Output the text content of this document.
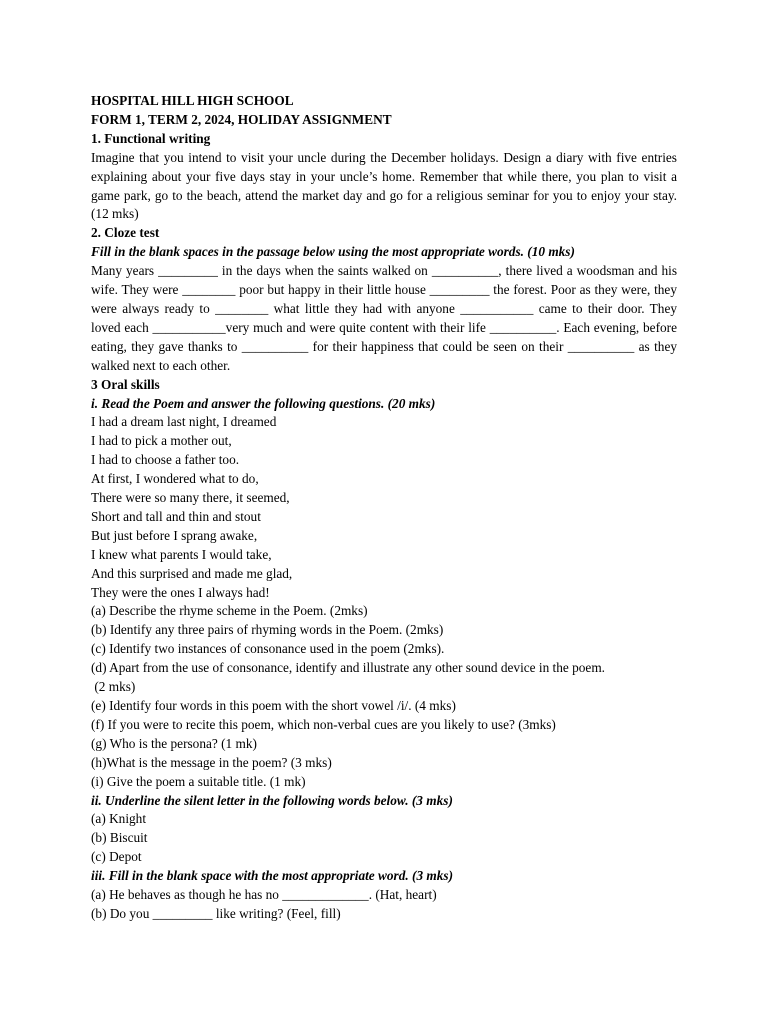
HOSPITAL HILL HIGH SCHOOL
FORM 1, TERM 2, 2024, HOLIDAY ASSIGNMENT
1. Functional writing

Imagine that you intend to visit your uncle during the December holidays. Design a diary with five entries explaining about your five days stay in your uncle’s home. Remember that while there, you plan to visit a game park, go to the beach, attend the market day and go for a religious seminar for you to enjoy your stay. (12 mks)

2. Cloze test
Fill in the blank spaces in the passage below using the most appropriate words. (10 mks)

Many years _________ in the days when the saints walked on __________, there lived a woodsman and his wife. They were ________ poor but happy in their little house _________ the forest. Poor as they were, they were always ready to ________ what little they had with anyone ___________ came to their door. They loved each ___________very much and were quite content with their life __________. Each evening, before eating, they gave thanks to __________ for their happiness that could be seen on their __________ as they walked next to each other.

3 Oral skills
i. Read the Poem and answer the following questions. (20 mks)
I had a dream last night, I dreamed
I had to pick a mother out,
I had to choose a father too.
At first, I wondered what to do,
There were so many there, it seemed,
Short and tall and thin and stout
But just before I sprang awake,
I knew what parents I would take,
And this surprised and made me glad,
They were the ones I always had!
(a) Describe the rhyme scheme in the Poem. (2mks)
(b) Identify any three pairs of rhyming words in the Poem. (2mks)
(c) Identify two instances of consonance used in the poem (2mks).
(d) Apart from the use of consonance, identify and illustrate any other sound device in the poem.
(2 mks)
(e) Identify four words in this poem with the short vowel /i/. (4 mks)
(f) If you were to recite this poem, which non-verbal cues are you likely to use? (3mks)
(g) Who is the persona? (1 mk)
(h)What is the message in the poem? (3 mks)
(i) Give the poem a suitable title. (1 mk)
ii. Underline the silent letter in the following words below. (3 mks)
(a) Knight
(b) Biscuit
(c) Depot
iii. Fill in the blank space with the most appropriate word. (3 mks)
(a) He behaves as though he has no _____________. (Hat, heart)
(b) Do you _________ like writing? (Feel, fill)
